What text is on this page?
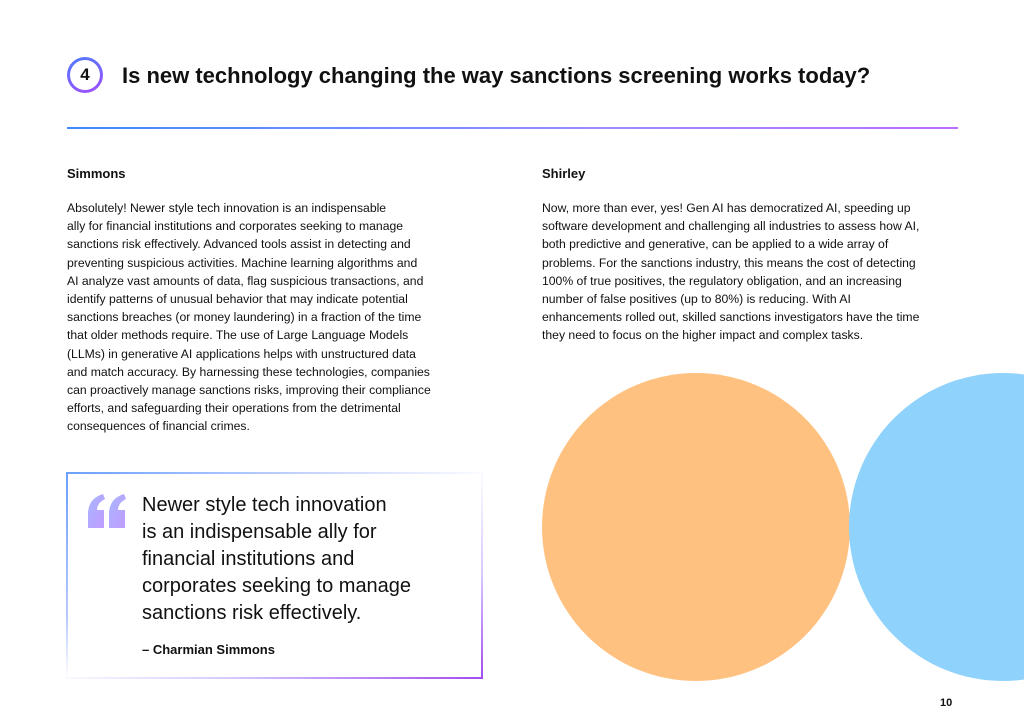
4 Is new technology changing the way sanctions screening works today?

Simmons

Absolutely! Newer style tech innovation is an indispensable
ally for financial institutions and corporates seeking to manage
sanctions risk effectively. Advanced tools assist in detecting and
preventing suspicious activities. Machine learning algorithms and
AI analyze vast amounts of data, flag suspicious transactions, and
identify patterns of unusual behavior that may indicate potential
sanctions breaches (or money laundering) in a fraction of the time
that older methods require. The use of Large Language Models
(LLMs) in generative AI applications helps with unstructured data
and match accuracy. By harnessing these technologies, companies
can proactively manage sanctions risks, improving their compliance
efforts, and safeguarding their operations from the detrimental
consequences of financial crimes.

Shirley

Now, more than ever, yes! Gen AI has democratized AI, speeding up
software development and challenging all industries to assess how AI,
both predictive and generative, can be applied to a wide array of
problems. For the sanctions industry, this means the cost of detecting
100% of true positives, the regulatory obligation, and an increasing
number of false positives (up to 80%) is reducing. With AI
enhancements rolled out, skilled sanctions investigators have the time
they need to focus on the higher impact and complex tasks.

Newer style tech innovation
is an indispensable ally for
financial institutions and
corporates seeking to manage
sanctions risk effectively.

– Charmian Simmons

10
